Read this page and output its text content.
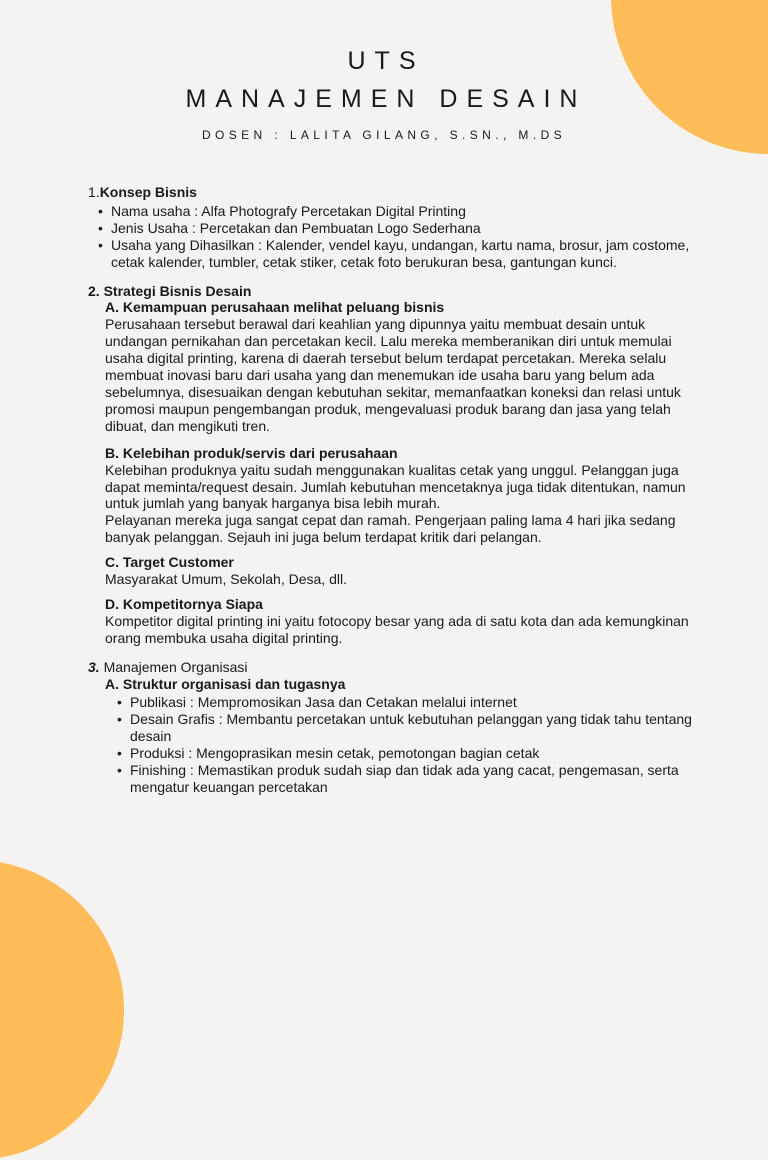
UTS
MANAJEMEN DESAIN
DOSEN : LALITA GILANG, S.SN., M.DS
1. Konsep Bisnis
• Nama usaha : Alfa Photografy Percetakan Digital Printing
• Jenis Usaha : Percetakan dan Pembuatan Logo Sederhana
• Usaha yang Dihasilkan : Kalender, vendel kayu, undangan, kartu nama, brosur, jam costome, cetak kalender, tumbler, cetak stiker, cetak foto berukuran besa, gantungan kunci.
2.
Strategi Bisnis Desain
A. Kemampuan perusahaan melihat peluang bisnis
Perusahaan tersebut berawal dari keahlian yang dipunnya yaitu membuat desain untuk undangan pernikahan dan percetakan kecil. Lalu mereka memberanikan diri untuk memulai usaha digital printing, karena di daerah tersebut belum terdapat percetakan. Mereka selalu membuat inovasi baru dari usaha yang dan menemukan ide usaha baru yang belum ada sebelumnya, disesuaikan dengan kebutuhan sekitar, memanfaatkan koneksi dan relasi untuk promosi maupun pengembangan produk, mengevaluasi produk barang dan jasa yang telah dibuat, dan mengikuti tren.
B. Kelebihan produk/servis dari perusahaan
Kelebihan produknya yaitu sudah menggunakan kualitas cetak yang unggul. Pelanggan juga dapat meminta/request desain. Jumlah kebutuhan mencetaknya juga tidak ditentukan, namun untuk jumlah yang banyak harganya bisa lebih murah.
Pelayanan mereka juga sangat cepat dan ramah. Pengerjaan paling lama 4 hari jika sedang banyak pelanggan. Sejauh ini juga belum terdapat kritik dari pelangan.
C. Target Customer
Masyarakat Umum, Sekolah, Desa, dll.
D. Kompetitornya Siapa
Kompetitor digital printing ini yaitu fotocopy besar yang ada di satu kota dan ada kemungkinan orang membuka usaha digital printing.
3.
Manajemen Organisasi
A. Struktur organisasi dan tugasnya
• Publikasi : Mempromosikan Jasa dan Cetakan melalui internet
• Desain Grafis : Membantu percetakan untuk kebutuhan pelanggan yang tidak tahu tentang desain
• Produksi : Mengoprasikan mesin cetak, pemotongan bagian cetak
• Finishing : Memastikan produk sudah siap dan tidak ada yang cacat, pengemasan, serta mengatur keuangan percetakan
